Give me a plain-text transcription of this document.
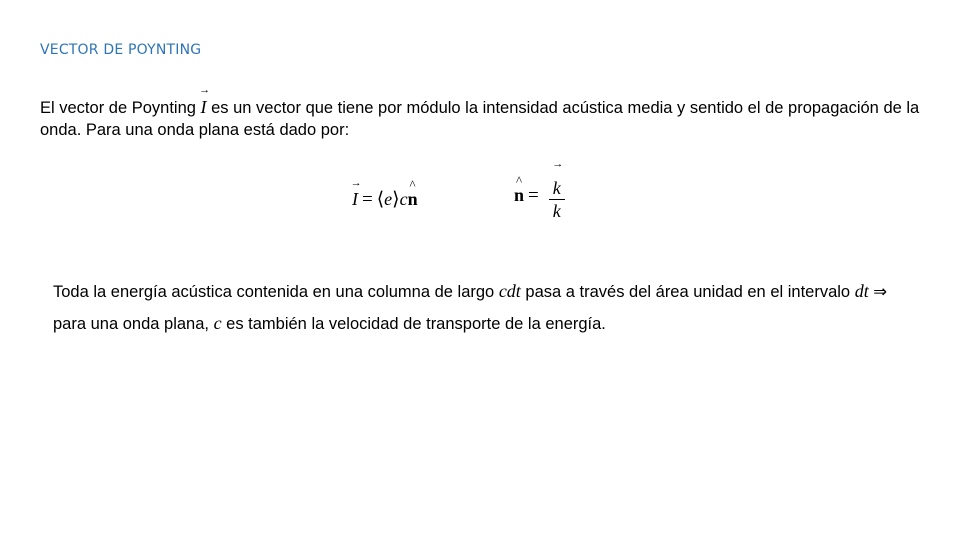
VECTOR DE POYNTING
El vector de Poynting → I es un vector que tiene por módulo la intensidad acústica media y sentido el de propagación de la onda. Para una onda plana está dado por:
→ I = ⟨e⟩c^ n	^ n = → $\frac{k}{k}$
Toda la energía acústica contenida en una columna de largo cdt pasa a través del área unidad en el intervalo dt ⇒
para una onda plana, c es también la velocidad de transporte de la energía.
